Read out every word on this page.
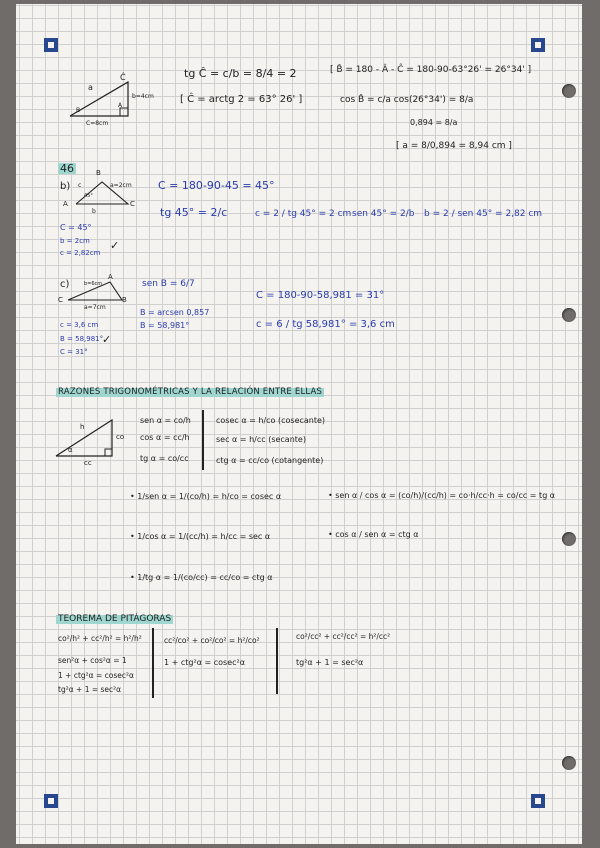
a
Ĉ
b=4cm
C=8cm
B
A
tg Ĉ = c/b = 8/4 = 2
[ Ĉ = arctg 2 = 63° 26' ]
[ B̂ = 180 - Â - Ĉ = 180-90-63°26' = 26°34' ]
cos B̂ = c/a cos(26°34') = 8/a
0,894 = 8/a
[ a = 8/0,894 = 8,94 cm ]
46
b)
B
A	C
a=2cm
c
b
45°
C = 180-90-45 = 45°
tg 45° = 2/c	c = 2 / tg 45° = 2 cm sen 45° = 2/b b = 2 / sen 45° = 2,82 cm
C = 45°
b = 2cm
c = 2,82cm
✓
c)
A
C	B
b=6cm
a=7cm
sen B = 6/7
B = arcsen 0,857
B = 58,981°
C = 180-90-58,981 = 31°
c = 6 / tg 58,981° = 3,6 cm
c = 3,6 cm
B = 58,981°
C = 31°
✓
RAZONES TRIGONOMÉTRICAS Y LA RELACIÓN ENTRE ELLAS
h
co
cc
α
sen α = co/h
cos α = cc/h
tg α = co/cc
cosec α = h/co (cosecante)
sec α = h/cc (secante)
ctg α = cc/co (cotangente)
• 1/sen α = 1/(co/h) = h/co = cosec α
• 1/cos α = 1/(cc/h) = h/cc = sec α
• 1/tg α = 1/(co/cc) = cc/co = ctg α
• sen α / cos α = (co/h)/(cc/h) = co·h/cc·h = co/cc = tg α
• cos α / sen α = ctg α
TEOREMA DE PITÁGORAS
co²/h² + cc²/h² = h²/h²
sen²α + cos²α = 1
1 + ctg²α = cosec²α
tg²α + 1 = sec²α
cc²/co² + co²/co² = h²/co²
1 + ctg²α = cosec²α
co²/cc² + cc²/cc² = h²/cc²
tg²α + 1 = sec²α
